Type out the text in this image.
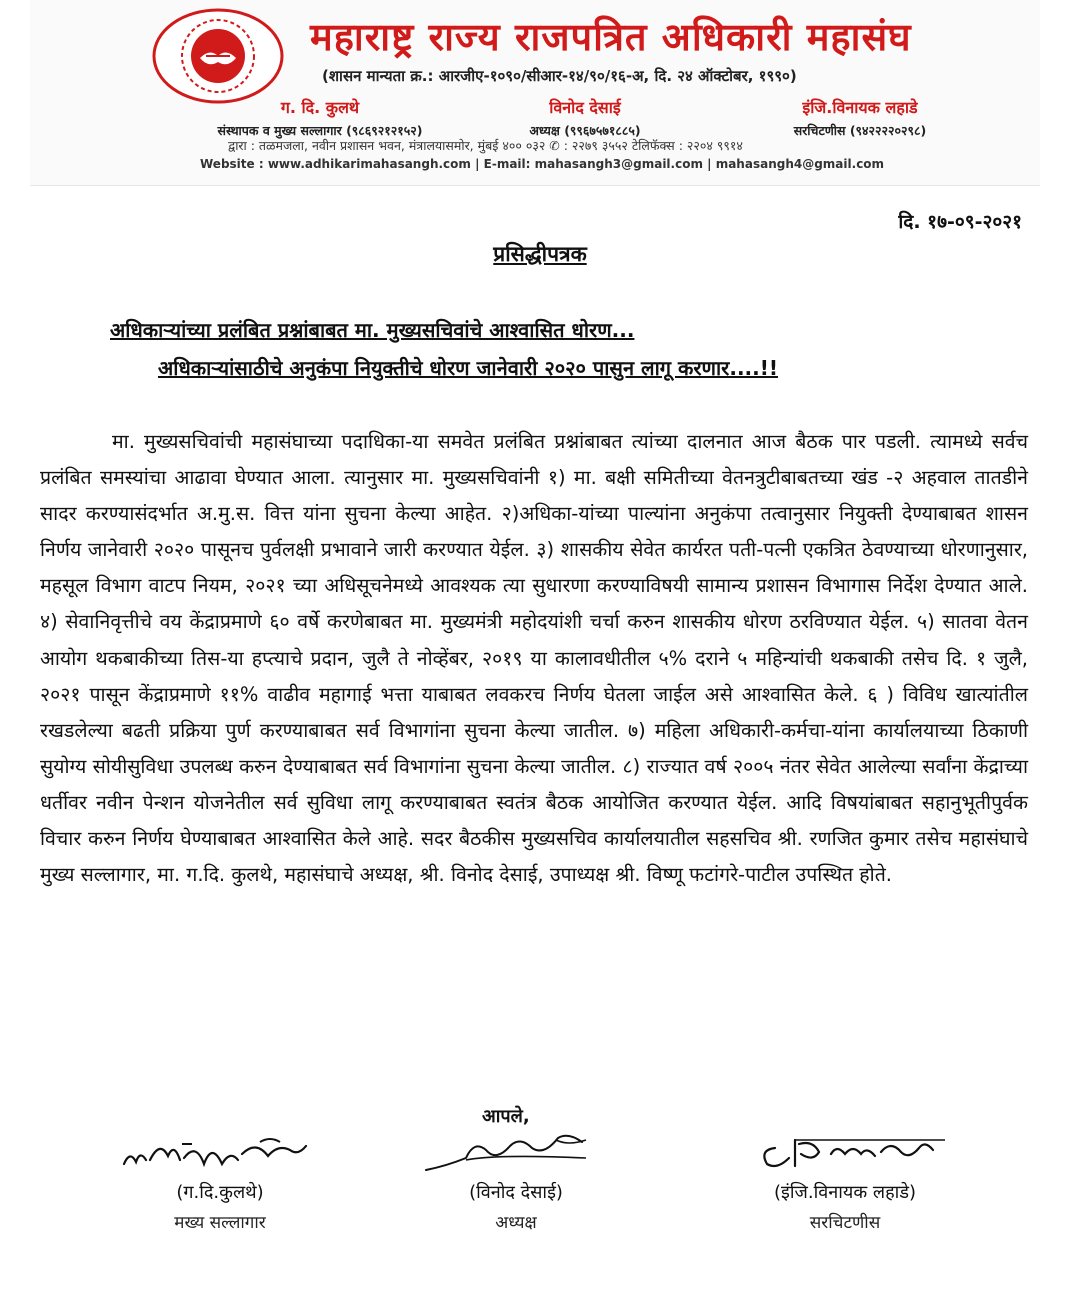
महाराष्ट्र राज्य राजपत्रित अधिकारी महासंघ
(शासन मान्यता क्र.: आरजीए-१०९०/सीआर-१४/९०/१६-अ, दि. २४ ऑक्टोबर, १९९०)
ग. दि. कुलथे
संस्थापक व मुख्य सल्लागार (९८६९२१२१५२)
विनोद देसाई
अध्यक्ष (९९६७५७१८८५)
इंजि.विनायक लहाडे
सरचिटणीस (९४२२२२०२९८)
द्वारा : तळमजला, नवीन प्रशासन भवन, मंत्रालयासमोर, मुंबई ४०० ०३२ ✆ : २२७९ ३५५२ टेलिफॅक्स : २२०४ ९९१४
Website : www.adhikarimahasangh.com | E-mail: mahasangh3@gmail.com | mahasangh4@gmail.com
दि. १७-०९-२०२१
प्रसिद्धीपत्रक
अधिकाऱ्यांच्या प्रलंबित प्रश्नांबाबत मा. मुख्यसचिवांचे आश्वासित धोरण...
अधिकाऱ्यांसाठीचे अनुकंपा नियुक्तीचे धोरण जानेवारी २०२० पासुन लागू करणार....!!
मा. मुख्यसचिवांची महासंघाच्या पदाधिका-या समवेत प्रलंबित प्रश्नांबाबत त्यांच्या दालनात आज बैठक पार पडली. त्यामध्ये सर्वच प्रलंबित समस्यांचा आढावा घेण्यात आला. त्यानुसार मा. मुख्यसचिवांनी १) मा. बक्षी समितीच्या वेतनत्रुटीबाबतच्या खंड -२ अहवाल तातडीने सादर करण्यासंदर्भात अ.मु.स. वित्त यांना सुचना केल्या आहेत. २)अधिका-यांच्या पाल्यांना अनुकंपा तत्वानुसार नियुक्ती देण्याबाबत शासन निर्णय जानेवारी २०२० पासूनच पुर्वलक्षी प्रभावाने जारी करण्यात येईल. ३) शासकीय सेवेत कार्यरत पती-पत्नी एकत्रित ठेवण्याच्या धोरणानुसार, महसूल विभाग वाटप नियम, २०२१ च्या अधिसूचनेमध्ये आवश्यक त्या सुधारणा करण्याविषयी सामान्य प्रशासन विभागास निर्देश देण्यात आले. ४) सेवानिवृत्तीचे वय केंद्राप्रमाणे ६० वर्षे करणेबाबत मा. मुख्यमंत्री महोदयांशी चर्चा करुन शासकीय धोरण ठरविण्यात येईल. ५) सातवा वेतन आयोग थकबाकीच्या तिस-या हप्त्याचे प्रदान, जुलै ते नोव्हेंबर, २०१९ या कालावधीतील ५% दराने ५ महिन्यांची थकबाकी तसेच दि. १ जुलै, २०२१ पासून केंद्राप्रमाणे ११% वाढीव महागाई भत्ता याबाबत लवकरच निर्णय घेतला जाईल असे आश्वासित केले. ६ ) विविध खात्यांतील रखडलेल्या बढती प्रक्रिया पुर्ण करण्याबाबत सर्व विभागांना सुचना केल्या जातील. ७) महिला अधिकारी-कर्मचा-यांना कार्यालयाच्या ठिकाणी सुयोग्य सोयीसुविधा उपलब्ध करुन देण्याबाबत सर्व विभागांना सुचना केल्या जातील. ८) राज्यात वर्ष २००५ नंतर सेवेत आलेल्या सर्वांना केंद्राच्या धर्तीवर नवीन पेन्शन योजनेतील सर्व सुविधा लागू करण्याबाबत स्वतंत्र बैठक आयोजित करण्यात येईल. आदि विषयांबाबत सहानुभूतीपुर्वक विचार करुन निर्णय घेण्याबाबत आश्वासित केले आहे. सदर बैठकीस मुख्यसचिव कार्यालयातील सहसचिव श्री. रणजित कुमार तसेच महासंघाचे मुख्य सल्लागार, मा. ग.दि. कुलथे, महासंघाचे अध्यक्ष, श्री. विनोद देसाई, उपाध्यक्ष श्री. विष्णू फटांगरे-पाटील उपस्थित होते.
आपले,
(ग.दि.कुलथे)
मख्य सल्लागार
(विनोद देसाई)
अध्यक्ष
(इंजि.विनायक लहाडे)
सरचिटणीस
